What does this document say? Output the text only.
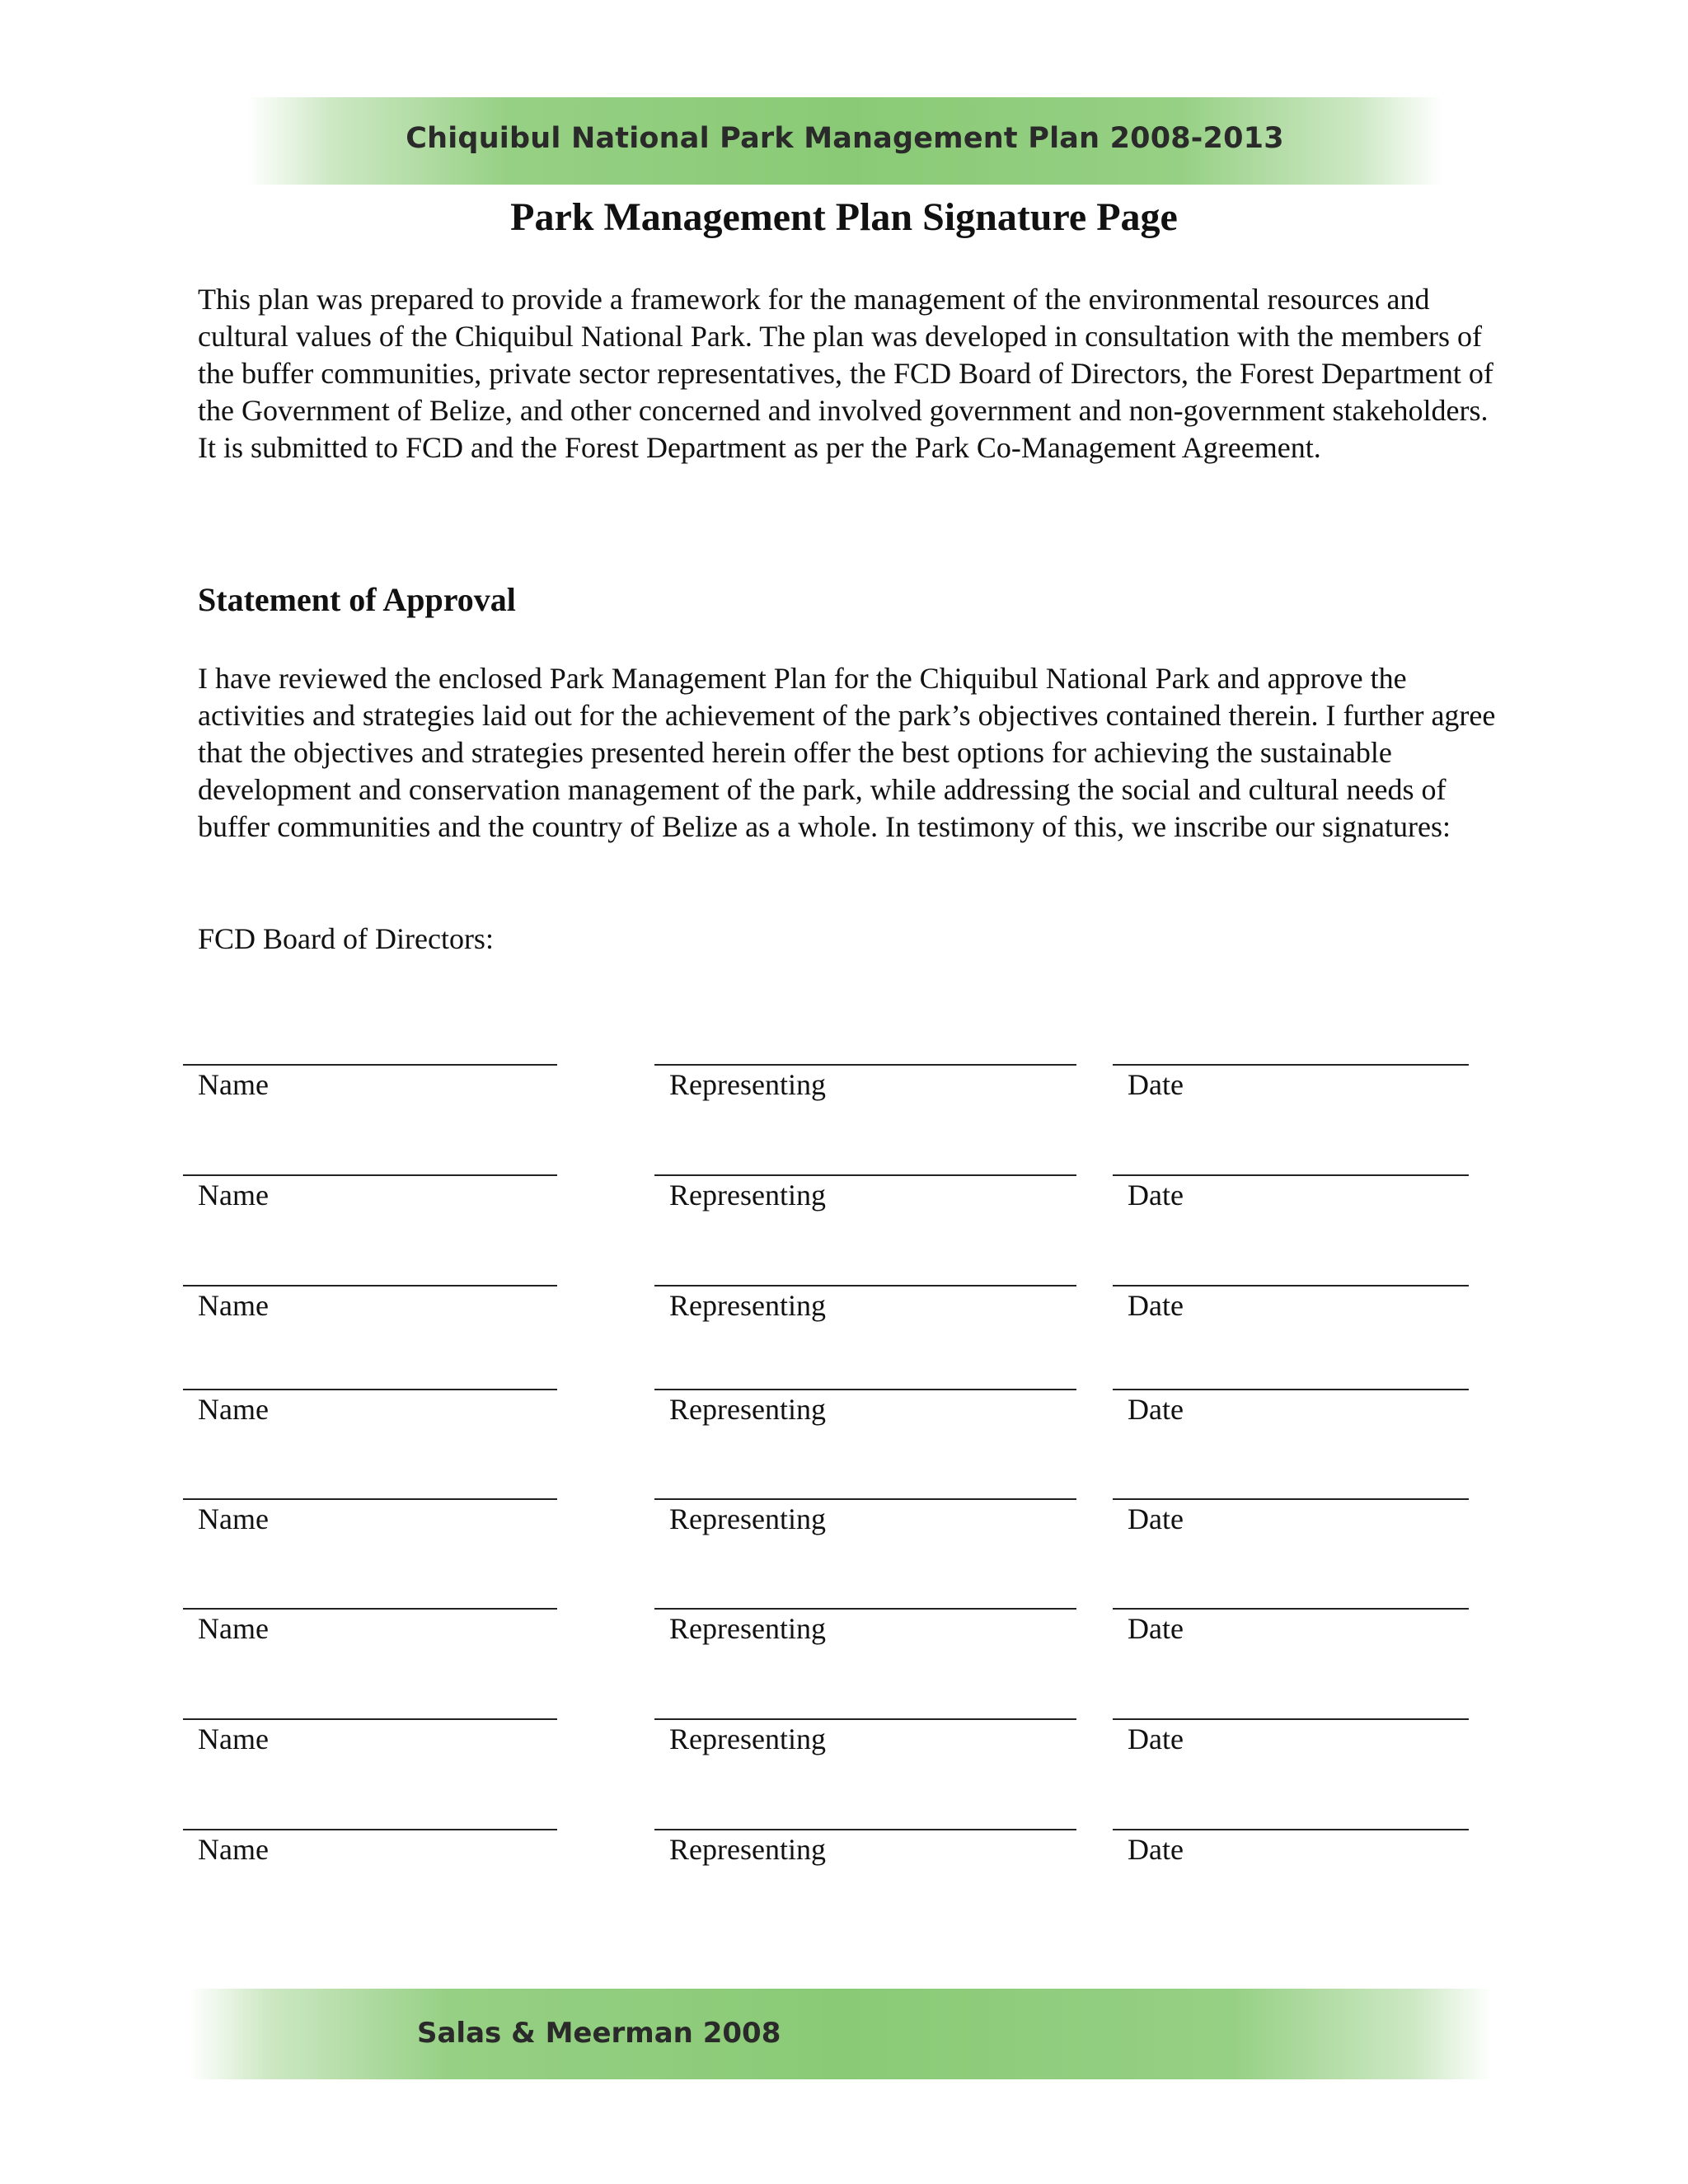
Chiquibul National Park Management Plan 2008-2013
Park Management Plan Signature Page

This plan was prepared to provide a framework for the management of the environmental resources and cultural values of the Chiquibul National Park. The plan was developed in consultation with the members of the buffer communities, private sector representatives, the FCD Board of Directors, the Forest Department of the Government of Belize, and other concerned and involved government and non-government stakeholders. It is submitted to FCD and the Forest Department as per the Park Co-Management Agreement.

Statement of Approval

I have reviewed the enclosed Park Management Plan for the Chiquibul National Park and approve the activities and strategies laid out for the achievement of the park’s objectives contained therein. I further agree that the objectives and strategies presented herein offer the best options for achieving the sustainable development and conservation management of the park, while addressing the social and cultural needs of buffer communities and the country of Belize as a whole. In testimony of this, we inscribe our signatures:

FCD Board of Directors:

Name	Representing	Date
Name	Representing	Date
Name	Representing	Date
Name	Representing	Date
Name	Representing	Date
Name	Representing	Date
Name	Representing	Date
Name	Representing	Date
Salas & Meerman 2008
